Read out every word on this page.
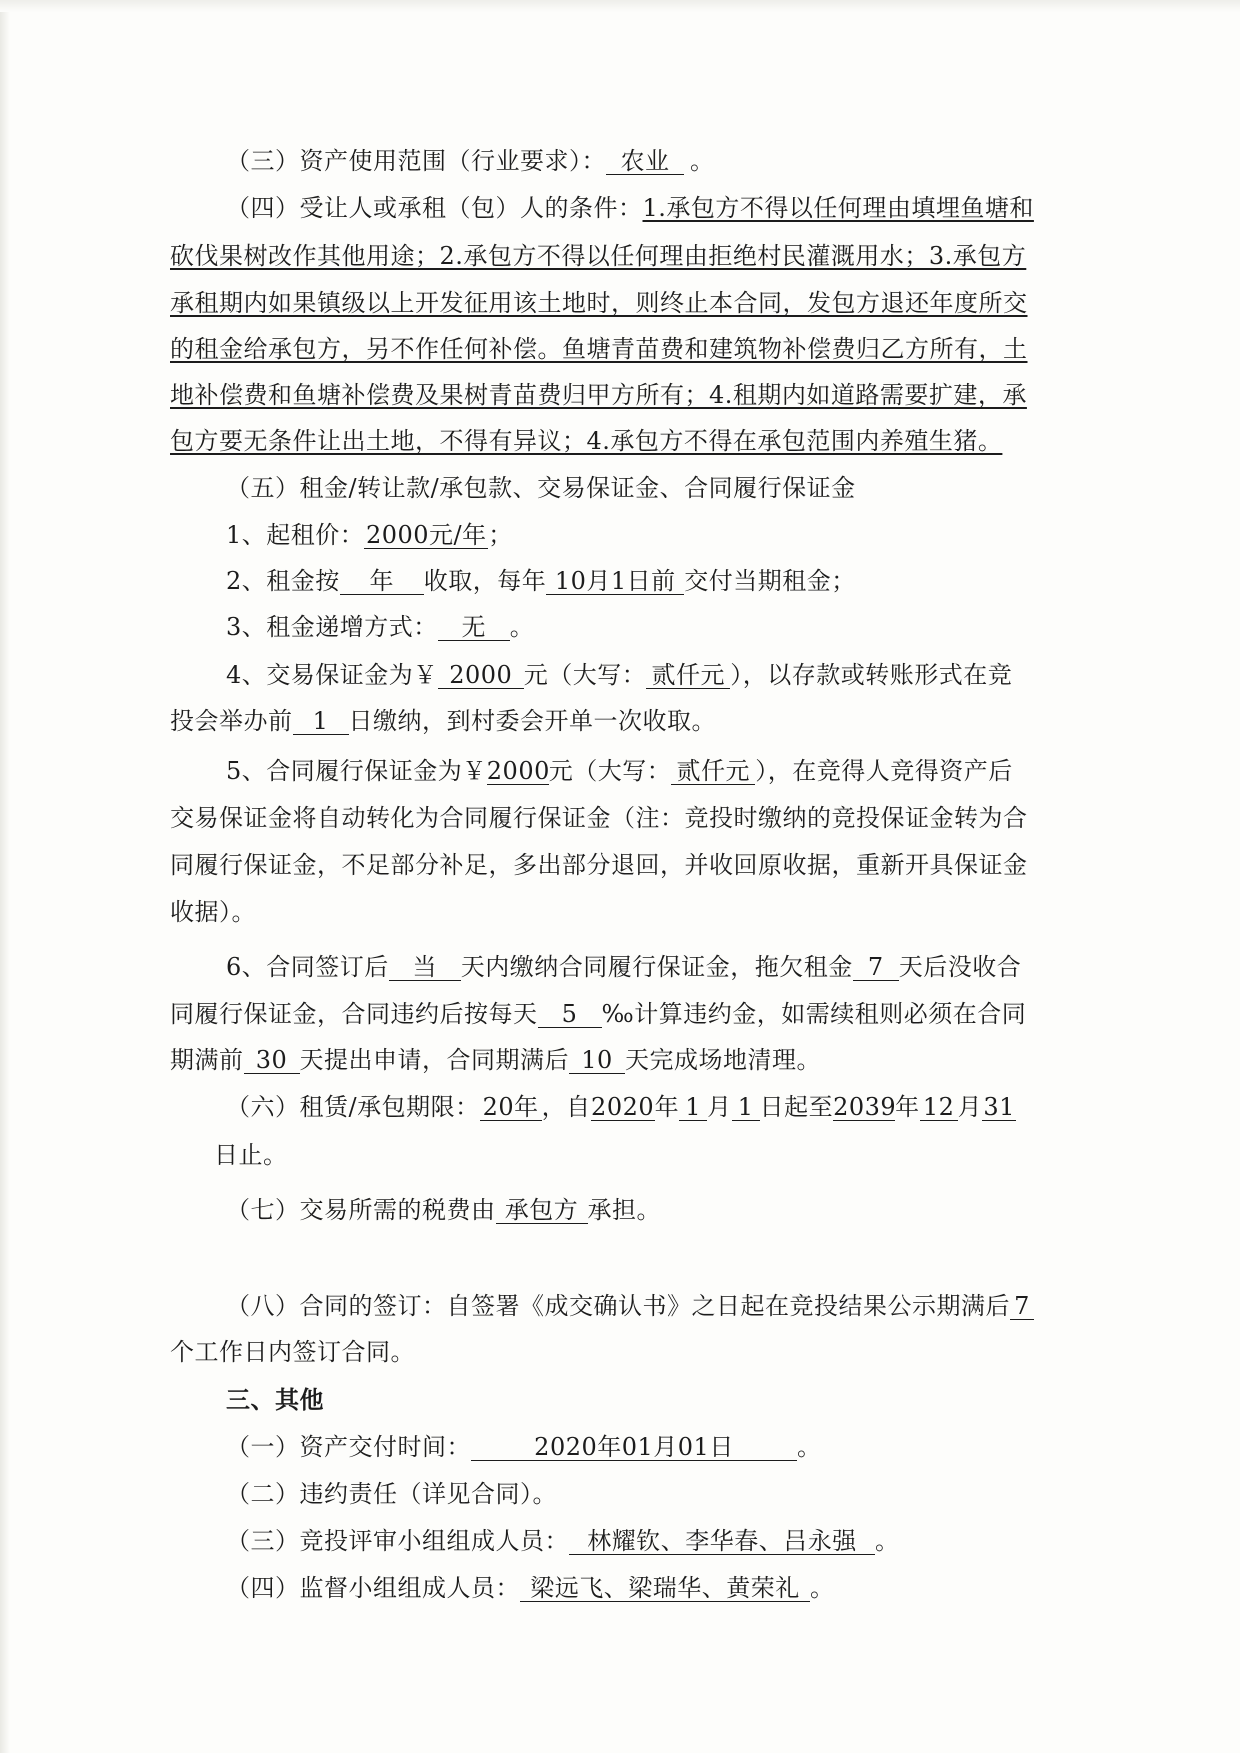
（三）资产使用范围（行业要求）： 农业 。
（四）受让人或承租（包）人的条件：1.承包方不得以任何理由填埋鱼塘和
砍伐果树改作其他用途；2.承包方不得以任何理由拒绝村民灌溉用水；3.承包方
承租期内如果镇级以上开发征用该土地时，则终止本合同，发包方退还年度所交
的租金给承包方，另不作任何补偿。鱼塘青苗费和建筑物补偿费归乙方所有，土
地补偿费和鱼塘补偿费及果树青苗费归甲方所有；4.租期内如道路需要扩建，承
包方要无条件让出土地，不得有异议；4.承包方不得在承包范围内养殖生猪。
（五）租金/转让款/承包款、交易保证金、合同履行保证金
1、起租价：2000元/年；
2、租金按 年 收取，每年 10月1日前 交付当期租金；
3、租金递增方式： 无 。
4、交易保证金为￥ 2000 元（大写： 贰仟元 ），以存款或转账形式在竞
投会举办前 1 日缴纳，到村委会开单一次收取。
5、合同履行保证金为￥2000元（大写： 贰仟元 ），在竞得人竞得资产后
交易保证金将自动转化为合同履行保证金（注：竞投时缴纳的竞投保证金转为合
同履行保证金，不足部分补足，多出部分退回，并收回原收据，重新开具保证金
收据）。
6、合同签订后 当 天内缴纳合同履行保证金，拖欠租金 7 天后没收合
同履行保证金，合同违约后按每天 5 ‰计算违约金，如需续租则必须在合同
期满前 30 天提出申请，合同期满后 10 天完成场地清理。
（六）租赁/承包期限： 20年 ，自2020年 1 月 1 日起至2039年 12 月31
日止。
（七）交易所需的税费由 承包方 承担。
（八）合同的签订：自签署《成交确认书》之日起在竞投结果公示期满后 7
个工作日内签订合同。
三、其他
（一）资产交付时间：	2020年01月01日	。
（二）违约责任（详见合同）。
（三）竞投评审小组组成人员： 林耀钦、李华春、吕永强 。
（四）监督小组组成人员： 梁远飞、梁瑞华、黄荣礼 。
